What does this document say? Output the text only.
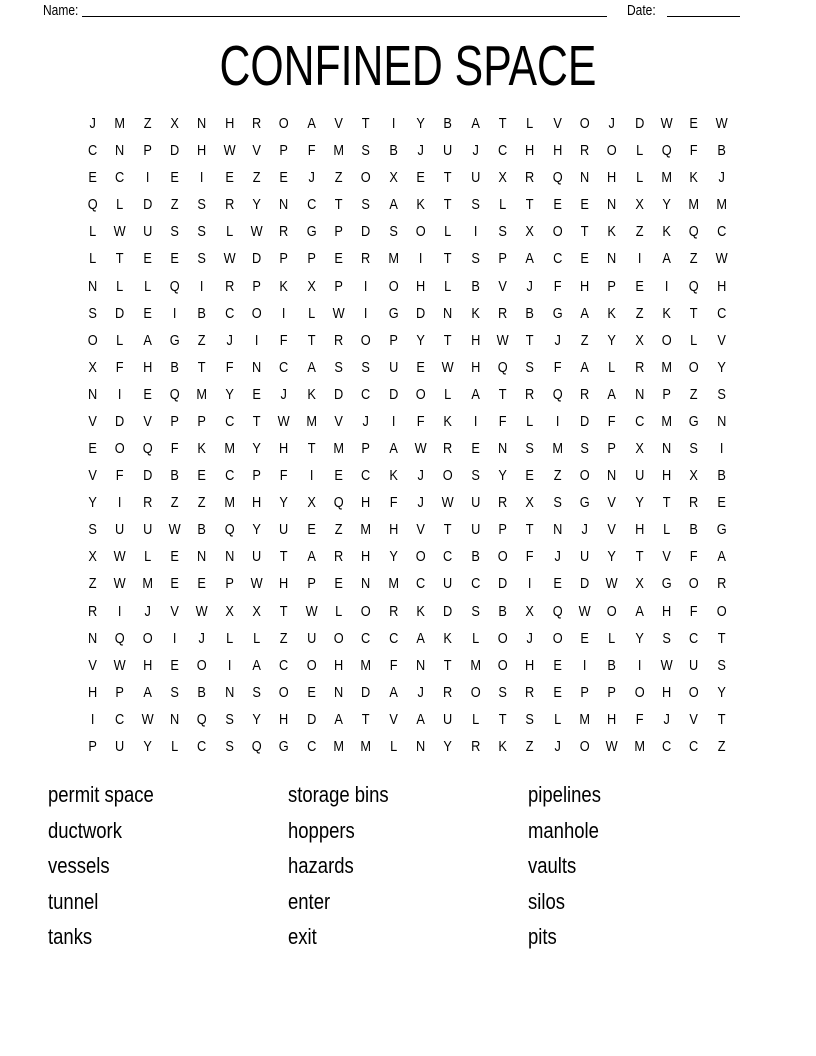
Name:	Date:
CONFINED SPACE
J	M	Z	X	N	H	R	O	A	V	T	I	Y	B	A	T	L	V	O	J	D	W	E	W
C	N	P	D	H	W	V	P	F	M	S	B	J	U	J	C	H	H	R	O	L	Q	F	B
E	C	I	E	I	E	Z	E	J	Z	O	X	E	T	U	X	R	Q	N	H	L	M	K	J
Q	L	D	Z	S	R	Y	N	C	T	S	A	K	T	S	L	T	E	E	N	X	Y	M	M
L	W	U	S	S	L	W	R	G	P	D	S	O	L	I	S	X	O	T	K	Z	K	Q	C
L	T	E	E	S	W	D	P	P	E	R	M	I	T	S	P	A	C	E	N	I	A	Z	W
N	L	L	Q	I	R	P	K	X	P	I	O	H	L	B	V	J	F	H	P	E	I	Q	H
S	D	E	I	B	C	O	I	L	W	I	G	D	N	K	R	B	G	A	K	Z	K	T	C
O	L	A	G	Z	J	I	F	T	R	O	P	Y	T	H	W	T	J	Z	Y	X	O	L	V
X	F	H	B	T	F	N	C	A	S	S	U	E	W	H	Q	S	F	A	L	R	M	O	Y
N	I	E	Q	M	Y	E	J	K	D	C	D	O	L	A	T	R	Q	R	A	N	P	Z	S
V	D	V	P	P	C	T	W	M	V	J	I	F	K	I	F	L	I	D	F	C	M	G	N
E	O	Q	F	K	M	Y	H	T	M	P	A	W	R	E	N	S	M	S	P	X	N	S	I
V	F	D	B	E	C	P	F	I	E	C	K	J	O	S	Y	E	Z	O	N	U	H	X	B
Y	I	R	Z	Z	M	H	Y	X	Q	H	F	J	W	U	R	X	S	G	V	Y	T	R	E
S	U	U	W	B	Q	Y	U	E	Z	M	H	V	T	U	P	T	N	J	V	H	L	B	G
X	W	L	E	N	N	U	T	A	R	H	Y	O	C	B	O	F	J	U	Y	T	V	F	A
Z	W	M	E	E	P	W	H	P	E	N	M	C	U	C	D	I	E	D	W	X	G	O	R
R	I	J	V	W	X	X	T	W	L	O	R	K	D	S	B	X	Q	W	O	A	H	F	O
N	Q	O	I	J	L	L	Z	U	O	C	C	A	K	L	O	J	O	E	L	Y	S	C	T
V	W	H	E	O	I	A	C	O	H	M	F	N	T	M	O	H	E	I	B	I	W	U	S
H	P	A	S	B	N	S	O	E	N	D	A	J	R	O	S	R	E	P	P	O	H	O	Y
I	C	W	N	Q	S	Y	H	D	A	T	V	A	U	L	T	S	L	M	H	F	J	V	T
P	U	Y	L	C	S	Q	G	C	M	M	L	N	Y	R	K	Z	J	O	W	M	C	C	Z
permit space
ductwork
vessels
tunnel
tanks
storage bins
hoppers
hazards
enter
exit
pipelines
manhole
vaults
silos
pits
